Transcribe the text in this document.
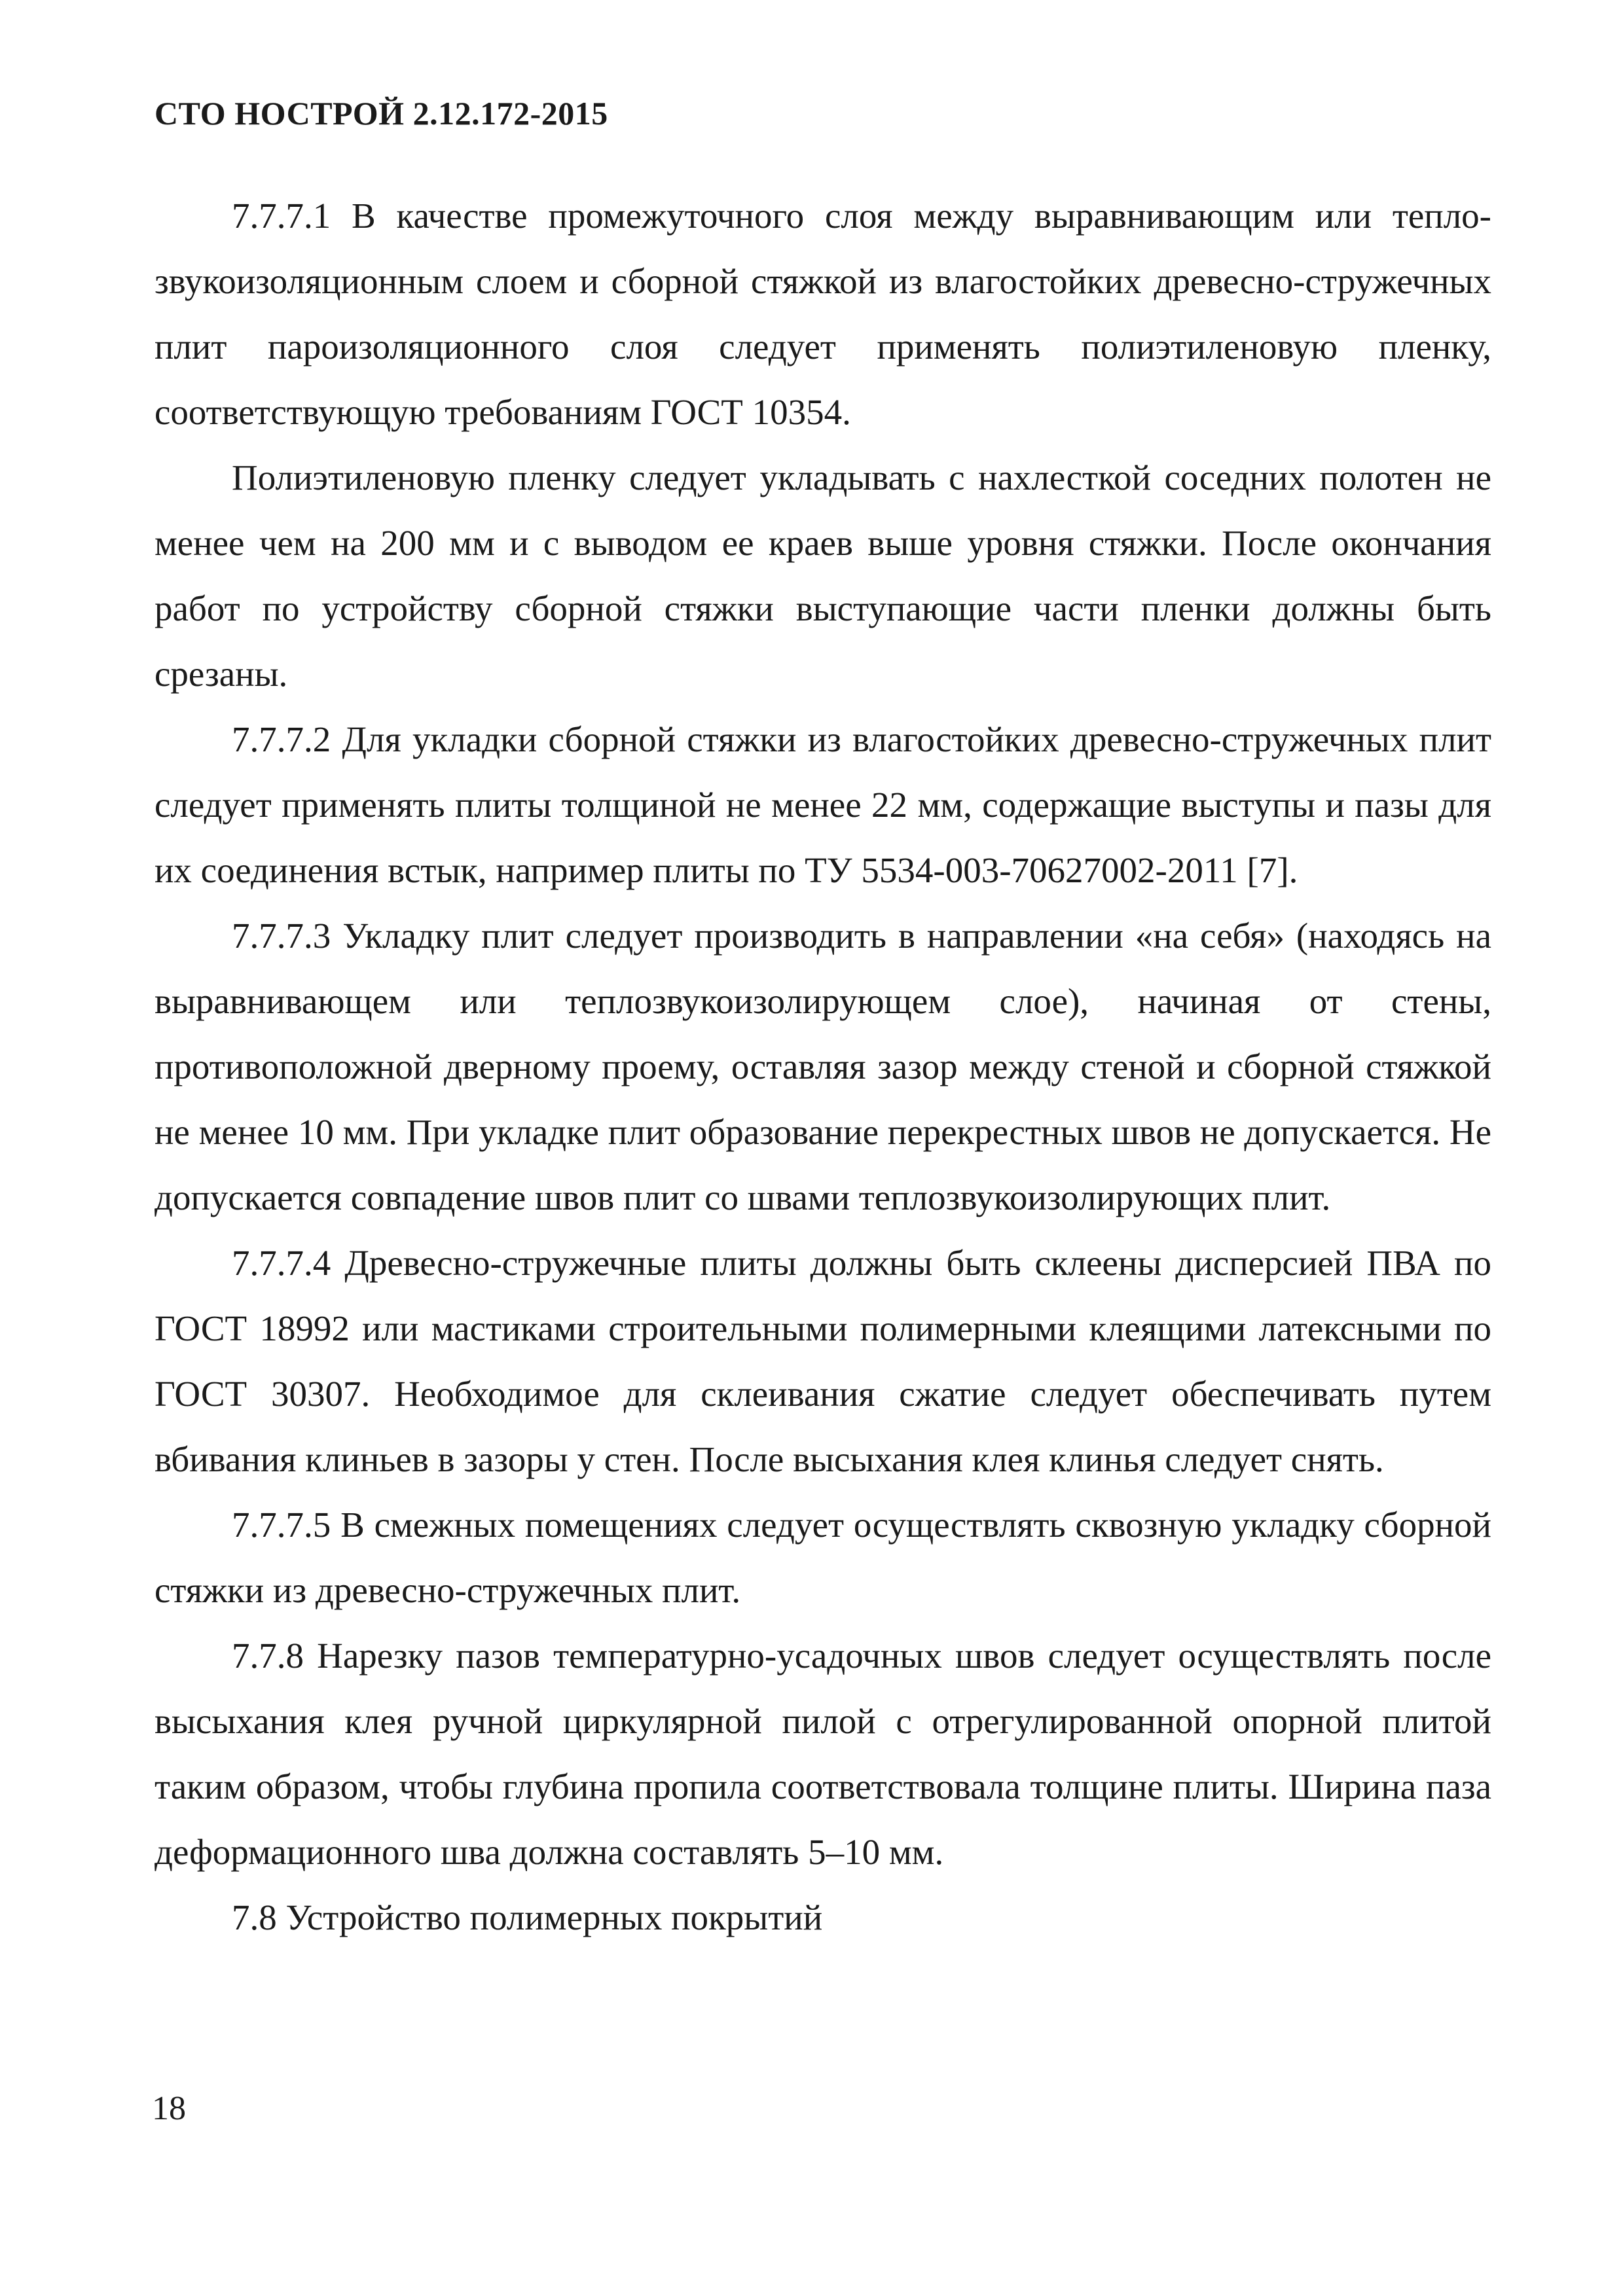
СТО НОСТРОЙ 2.12.172-2015

7.7.7.1 В качестве промежуточного слоя между выравнивающим или тепло-звукоизоляционным слоем и сборной стяжкой из влагостойких древесно-стружечных плит пароизоляционного слоя следует применять полиэтиленовую пленку, соответствующую требованиям ГОСТ 10354.

Полиэтиленовую пленку следует укладывать с нахлесткой соседних полотен не менее чем на 200 мм и с выводом ее краев выше уровня стяжки. После окончания работ по устройству сборной стяжки выступающие части пленки должны быть срезаны.

7.7.7.2 Для укладки сборной стяжки из влагостойких древесно-стружечных плит следует применять плиты толщиной не менее 22 мм, содержащие выступы и пазы для их соединения встык, например плиты по ТУ 5534-003-70627002-2011 [7].

7.7.7.3 Укладку плит следует производить в направлении «на себя» (находясь на выравнивающем или теплозвукоизолирующем слое), начиная от стены, противоположной дверному проему, оставляя зазор между стеной и сборной стяжкой не менее 10 мм. При укладке плит образование перекрестных швов не допускается. Не допускается совпадение швов плит со швами теплозвукоизолирующих плит.

7.7.7.4 Древесно-стружечные плиты должны быть склеены дисперсией ПВА по ГОСТ 18992 или мастиками строительными полимерными клеящими латексными по ГОСТ 30307. Необходимое для склеивания сжатие следует обеспечивать путем вбивания клиньев в зазоры у стен. После высыхания клея клинья следует снять.

7.7.7.5 В смежных помещениях следует осуществлять сквозную укладку сборной стяжки из древесно-стружечных плит.

7.7.8 Нарезку пазов температурно-усадочных швов следует осуществлять после высыхания клея ручной циркулярной пилой с отрегулированной опорной плитой таким образом, чтобы глубина пропила соответствовала толщине плиты. Ширина паза деформационного шва должна составлять 5–10 мм.

7.8 Устройство полимерных покрытий

18
